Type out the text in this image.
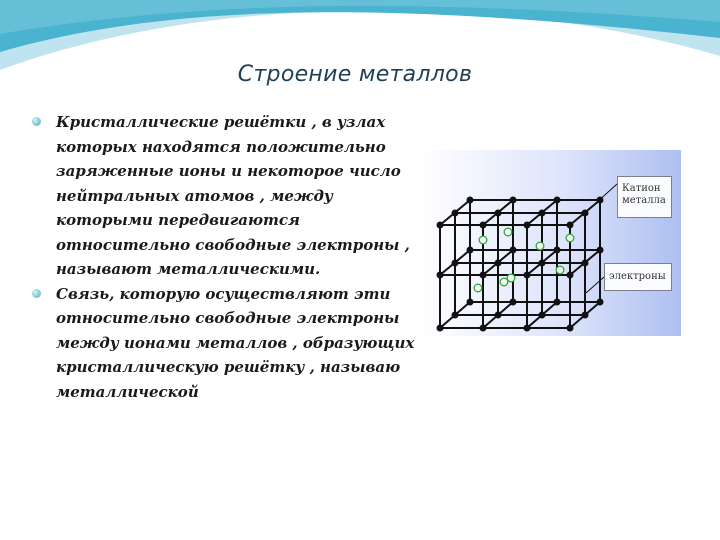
Строение металлов
Кристаллические решётки , в узлах которых находятся положительно заряженные ионы и некоторое число нейтральных атомов , между которыми передвигаются относительно свободные электроны , называют металлическими.
Связь, которую осуществляют эти относительно свободные электроны между ионами металлов , образующих кристаллическую решётку , называю металлической
Катион металла
электроны
